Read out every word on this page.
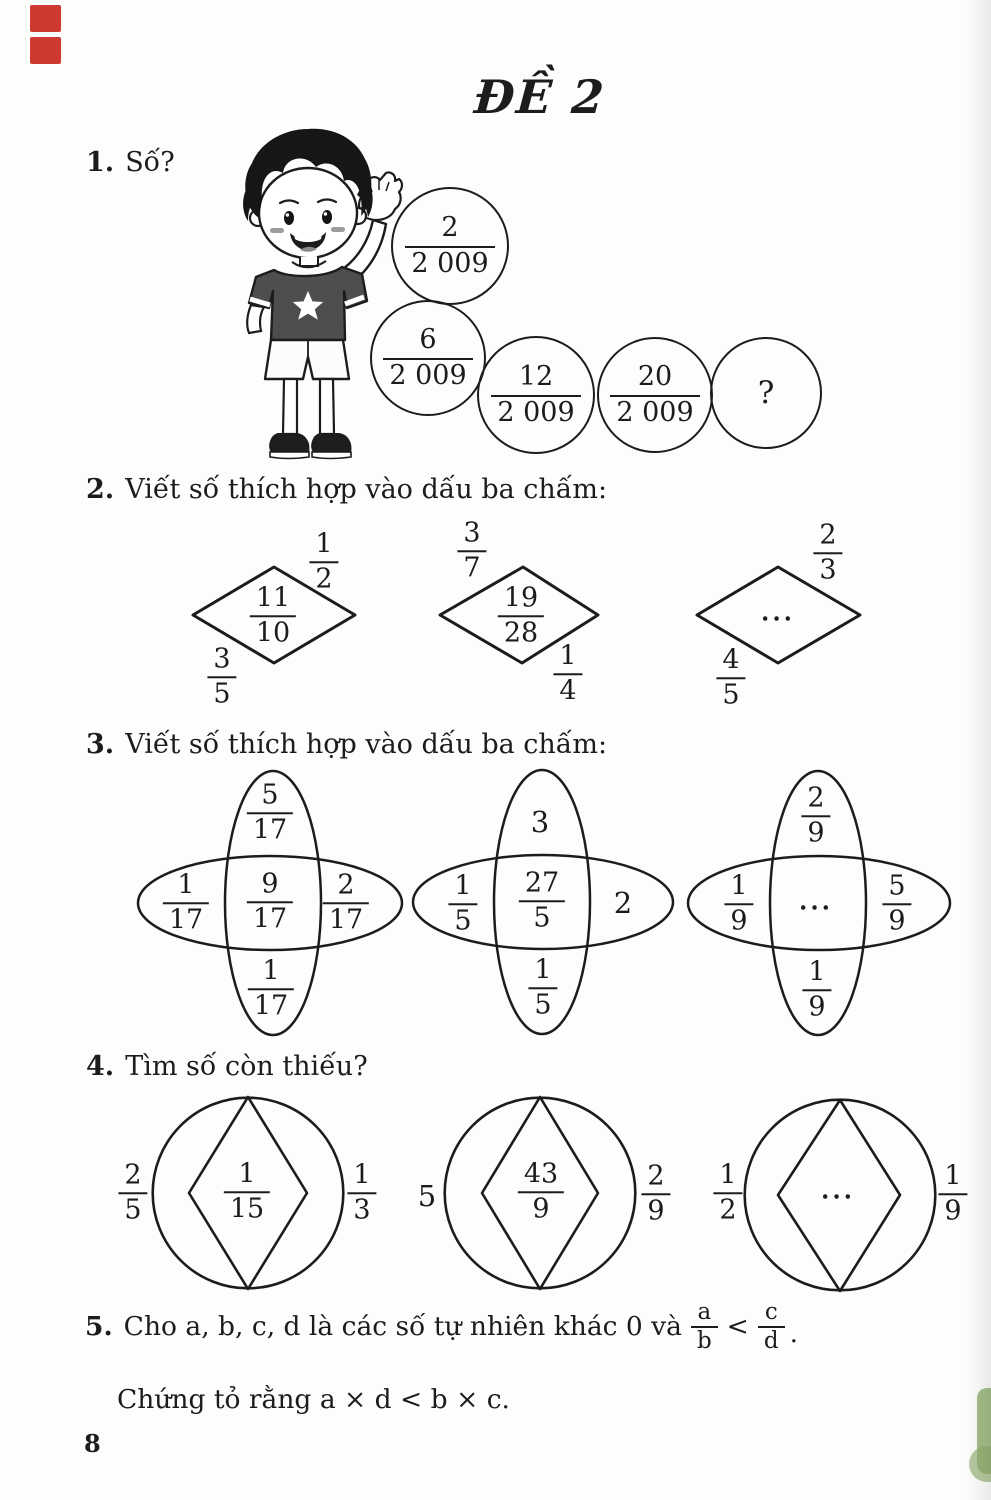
ĐỀ 2
1. Số?
$\frac{2}{2 009}$
$\frac{6}{2 009}$
$\frac{12}{2 009} \frac{20}{2 009}$ ?
2. Viết số thích hợp vào dấu ba chấm:
$\frac{11}{10}$
$\frac{1}{2}$
$\frac{3}{5}$
$\frac{19}{28}$
$\frac{3}{7}$
$\frac{1}{4}$
...
$\frac{2}{3}$
$\frac{4}{5}$
3. Viết số thích hợp vào dấu ba chấm:
$\frac{5}{17}$
$\frac{1}{17} \frac{9}{17} \frac{2}{17}$
$\frac{1}{17}$
3
$\frac{1}{5} \frac{27}{5} 2$
$\frac{1}{5}$
$\frac{2}{9}$
$\frac{1}{9}$ ... $\frac{5}{9}$
$\frac{1}{9}$
4. Tìm số còn thiếu?
$\frac{2}{5}$	$\frac{1}{15}$	$\frac{1}{3} 5$	$\frac{43}{9}$	$\frac{2}{9} \frac{1}{2}$	...	$\frac{1}{9}$
5. Cho a, b, c, d là các số tự nhiên khác 0 và $\frac{a}{b} < \frac{c}{d}$ .
Chứng tỏ rằng a × d < b × c.
8
